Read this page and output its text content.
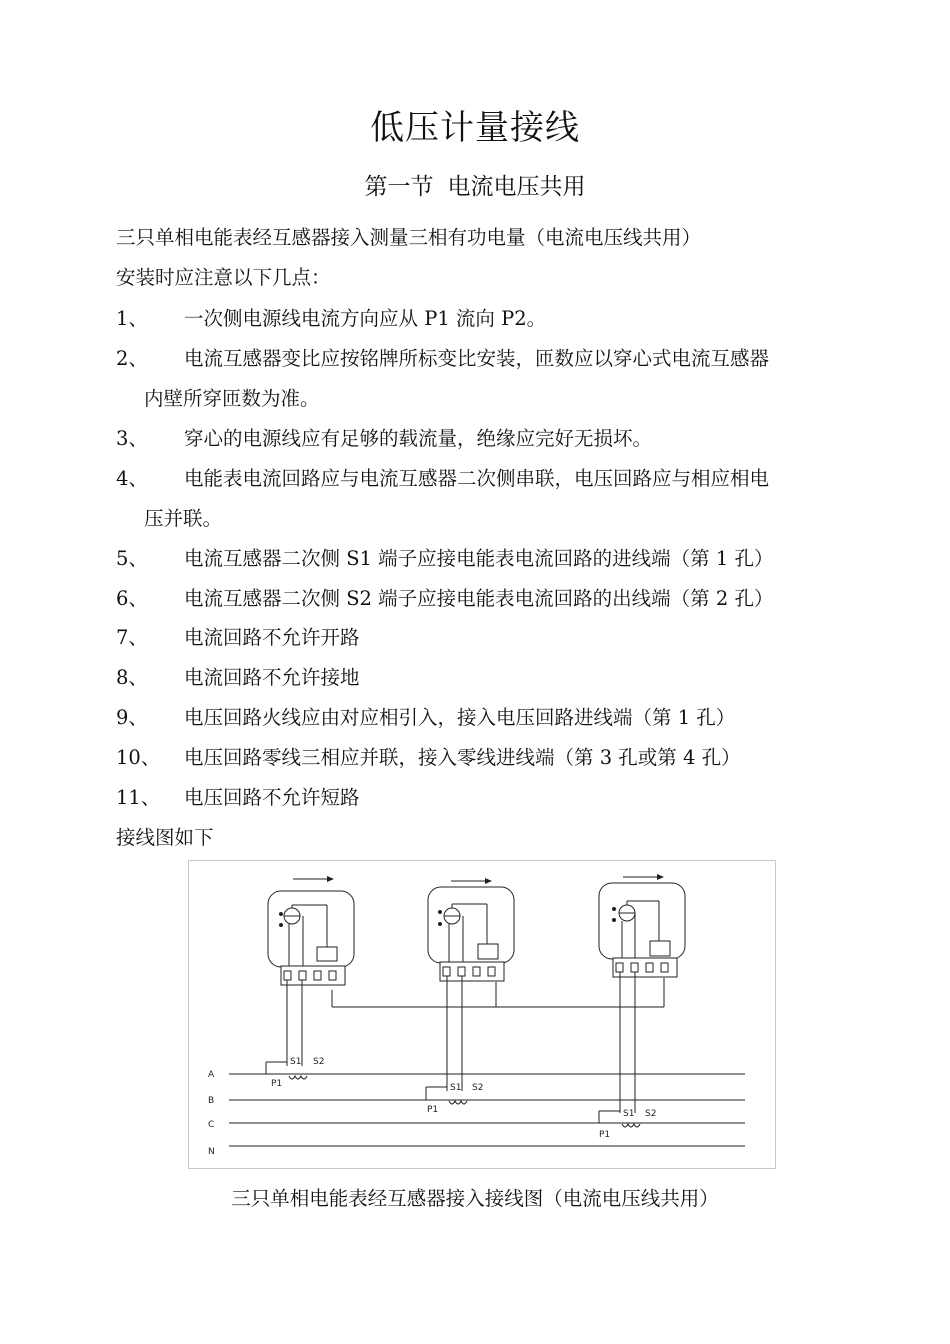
低压计量接线
第一节 电流电压共用
三只单相电能表经互感器接入测量三相有功电量（电流电压线共用）
安装时应注意以下几点：
1、 一次侧电源线电流方向应从 P1 流向 P2。
2、 电流互感器变比应按铭牌所标变比安装，匝数应以穿心式电流互感器
内壁所穿匝数为准。
3、 穿心的电源线应有足够的载流量，绝缘应完好无损坏。
4、 电能表电流回路应与电流互感器二次侧串联，电压回路应与相应相电
压并联。
5、 电流互感器二次侧 S1 端子应接电能表电流回路的进线端（第 1 孔）
6、 电流互感器二次侧 S2 端子应接电能表电流回路的出线端（第 2 孔）
7、 电流回路不允许开路
8、 电流回路不允许接地
9、 电压回路火线应由对应相引入，接入电压回路进线端（第 1 孔）
10、 电压回路零线三相应并联，接入零线进线端（第 3 孔或第 4 孔）
11、 电压回路不允许短路
接线图如下
A
B
C
N
S1 S2
P1	S1 S2
P1	S1 S2
P1
三只单相电能表经互感器接入接线图（电流电压线共用）
